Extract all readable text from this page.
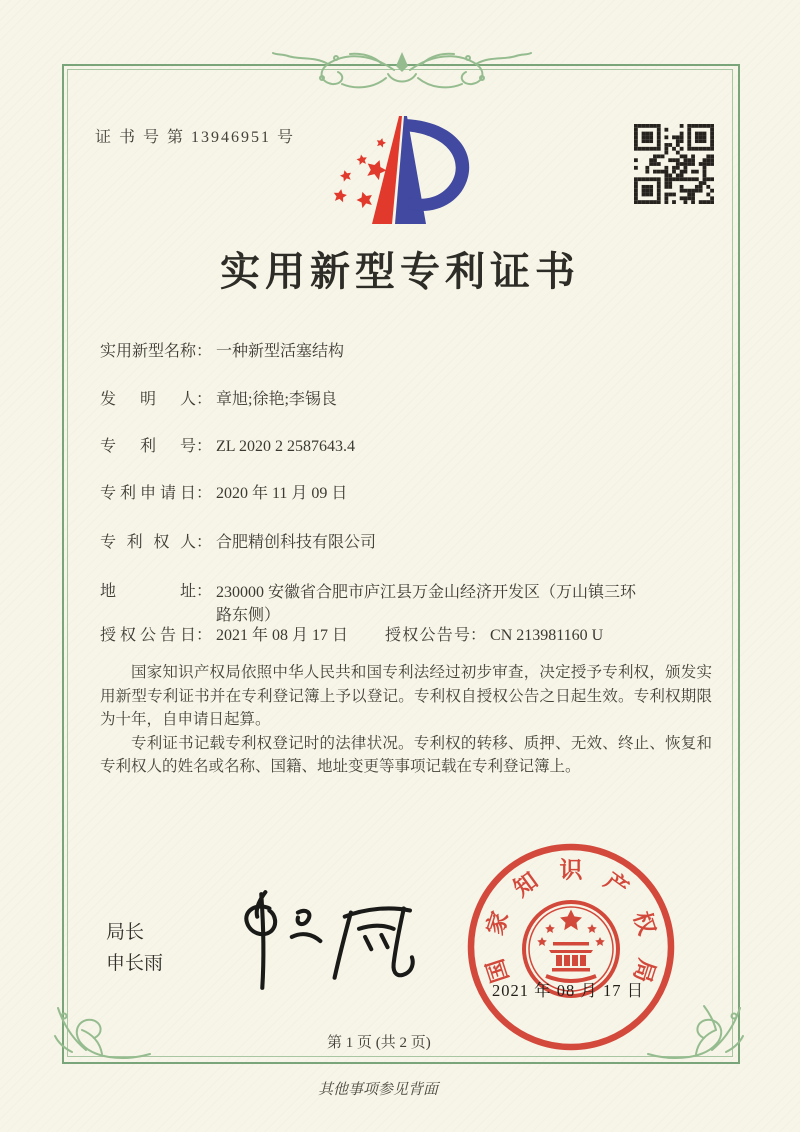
证 书 号 第 13946951 号
实用新型专利证书
实用新型名称： 一种新型活塞结构
发明人： 章旭;徐艳;李锡良
专利号： ZL 2020 2 2587643.4
专利申请日： 2020 年 11 月 09 日
专利权人： 合肥精创科技有限公司
地址： 230000 安徽省合肥市庐江县万金山经济开发区（万山镇三环路东侧）
授权公告日： 2021 年 08 月 17 日 授权公告号： CN 213981160 U

国家知识产权局依照中华人民共和国专利法经过初步审查，决定授予专利权，颁发实用新型专利证书并在专利登记簿上予以登记。专利权自授权公告之日起生效。专利权期限为十年，自申请日起算。

专利证书记载专利权登记时的法律状况。专利权的转移、质押、无效、终止、恢复和专利权人的姓名或名称、国籍、地址变更等事项记载在专利登记簿上。

局长
申长雨	国
家
知 识 产
权
局
2021 年 08 月 17 日
第 1 页 (共 2 页)
其他事项参见背面
